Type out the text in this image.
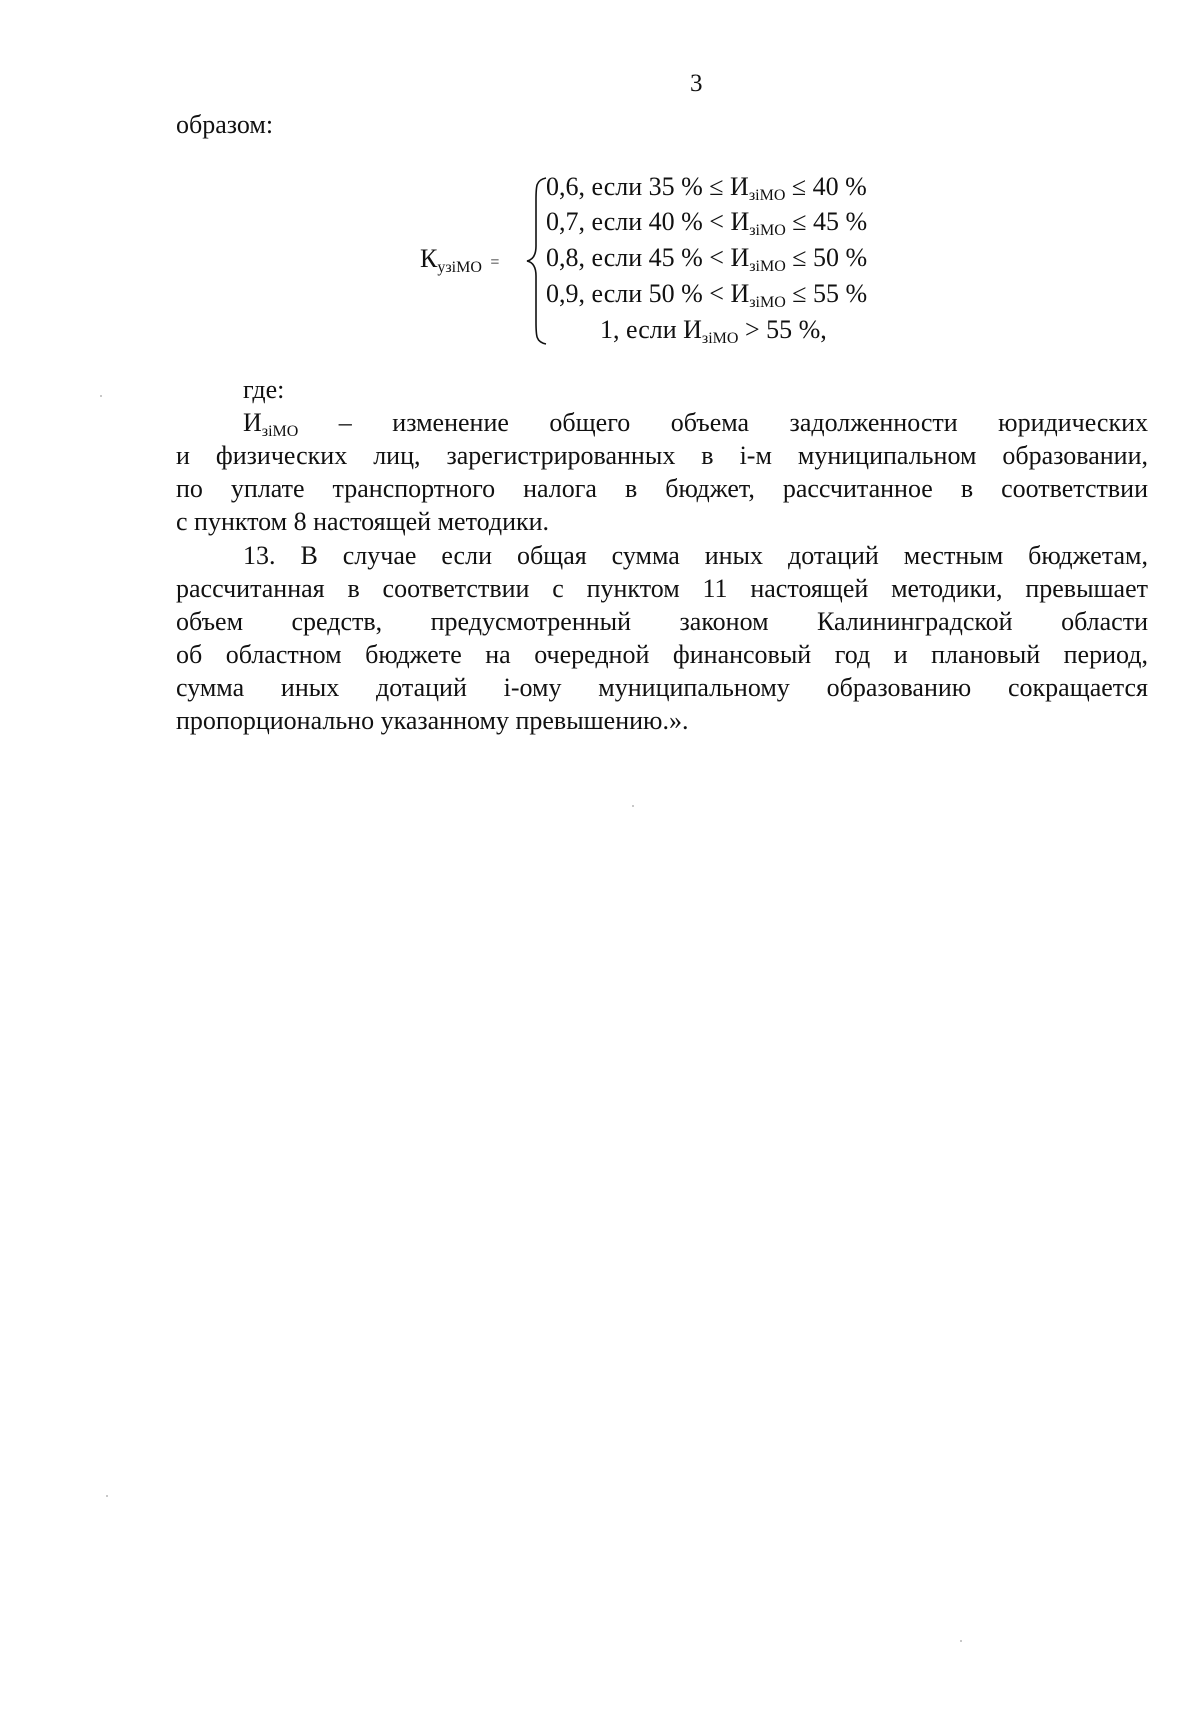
3
образом:
КузiМО =
0,6, если 35 % ≤ ИзiМО ≤ 40 %
0,7, если 40 % < ИзiМО ≤ 45 %
0,8, если 45 % < ИзiМО ≤ 50 %
0,9, если 50 % < ИзiМО ≤ 55 %
1, если ИзiМО > 55 %,
где:
ИзiМО – изменение общего объема задолженности юридических
и физических лиц, зарегистрированных в i-м муниципальном образовании,
по уплате транспортного налога в бюджет, рассчитанное в соответствии
с пунктом 8 настоящей методики.
13. В случае если общая сумма иных дотаций местным бюджетам,
рассчитанная в соответствии с пунктом 11 настоящей методики, превышает
объем средств, предусмотренный законом Калининградской области
об областном бюджете на очередной финансовый год и плановый период,
сумма иных дотаций i-ому муниципальному образованию сокращается
пропорционально указанному превышению.».
